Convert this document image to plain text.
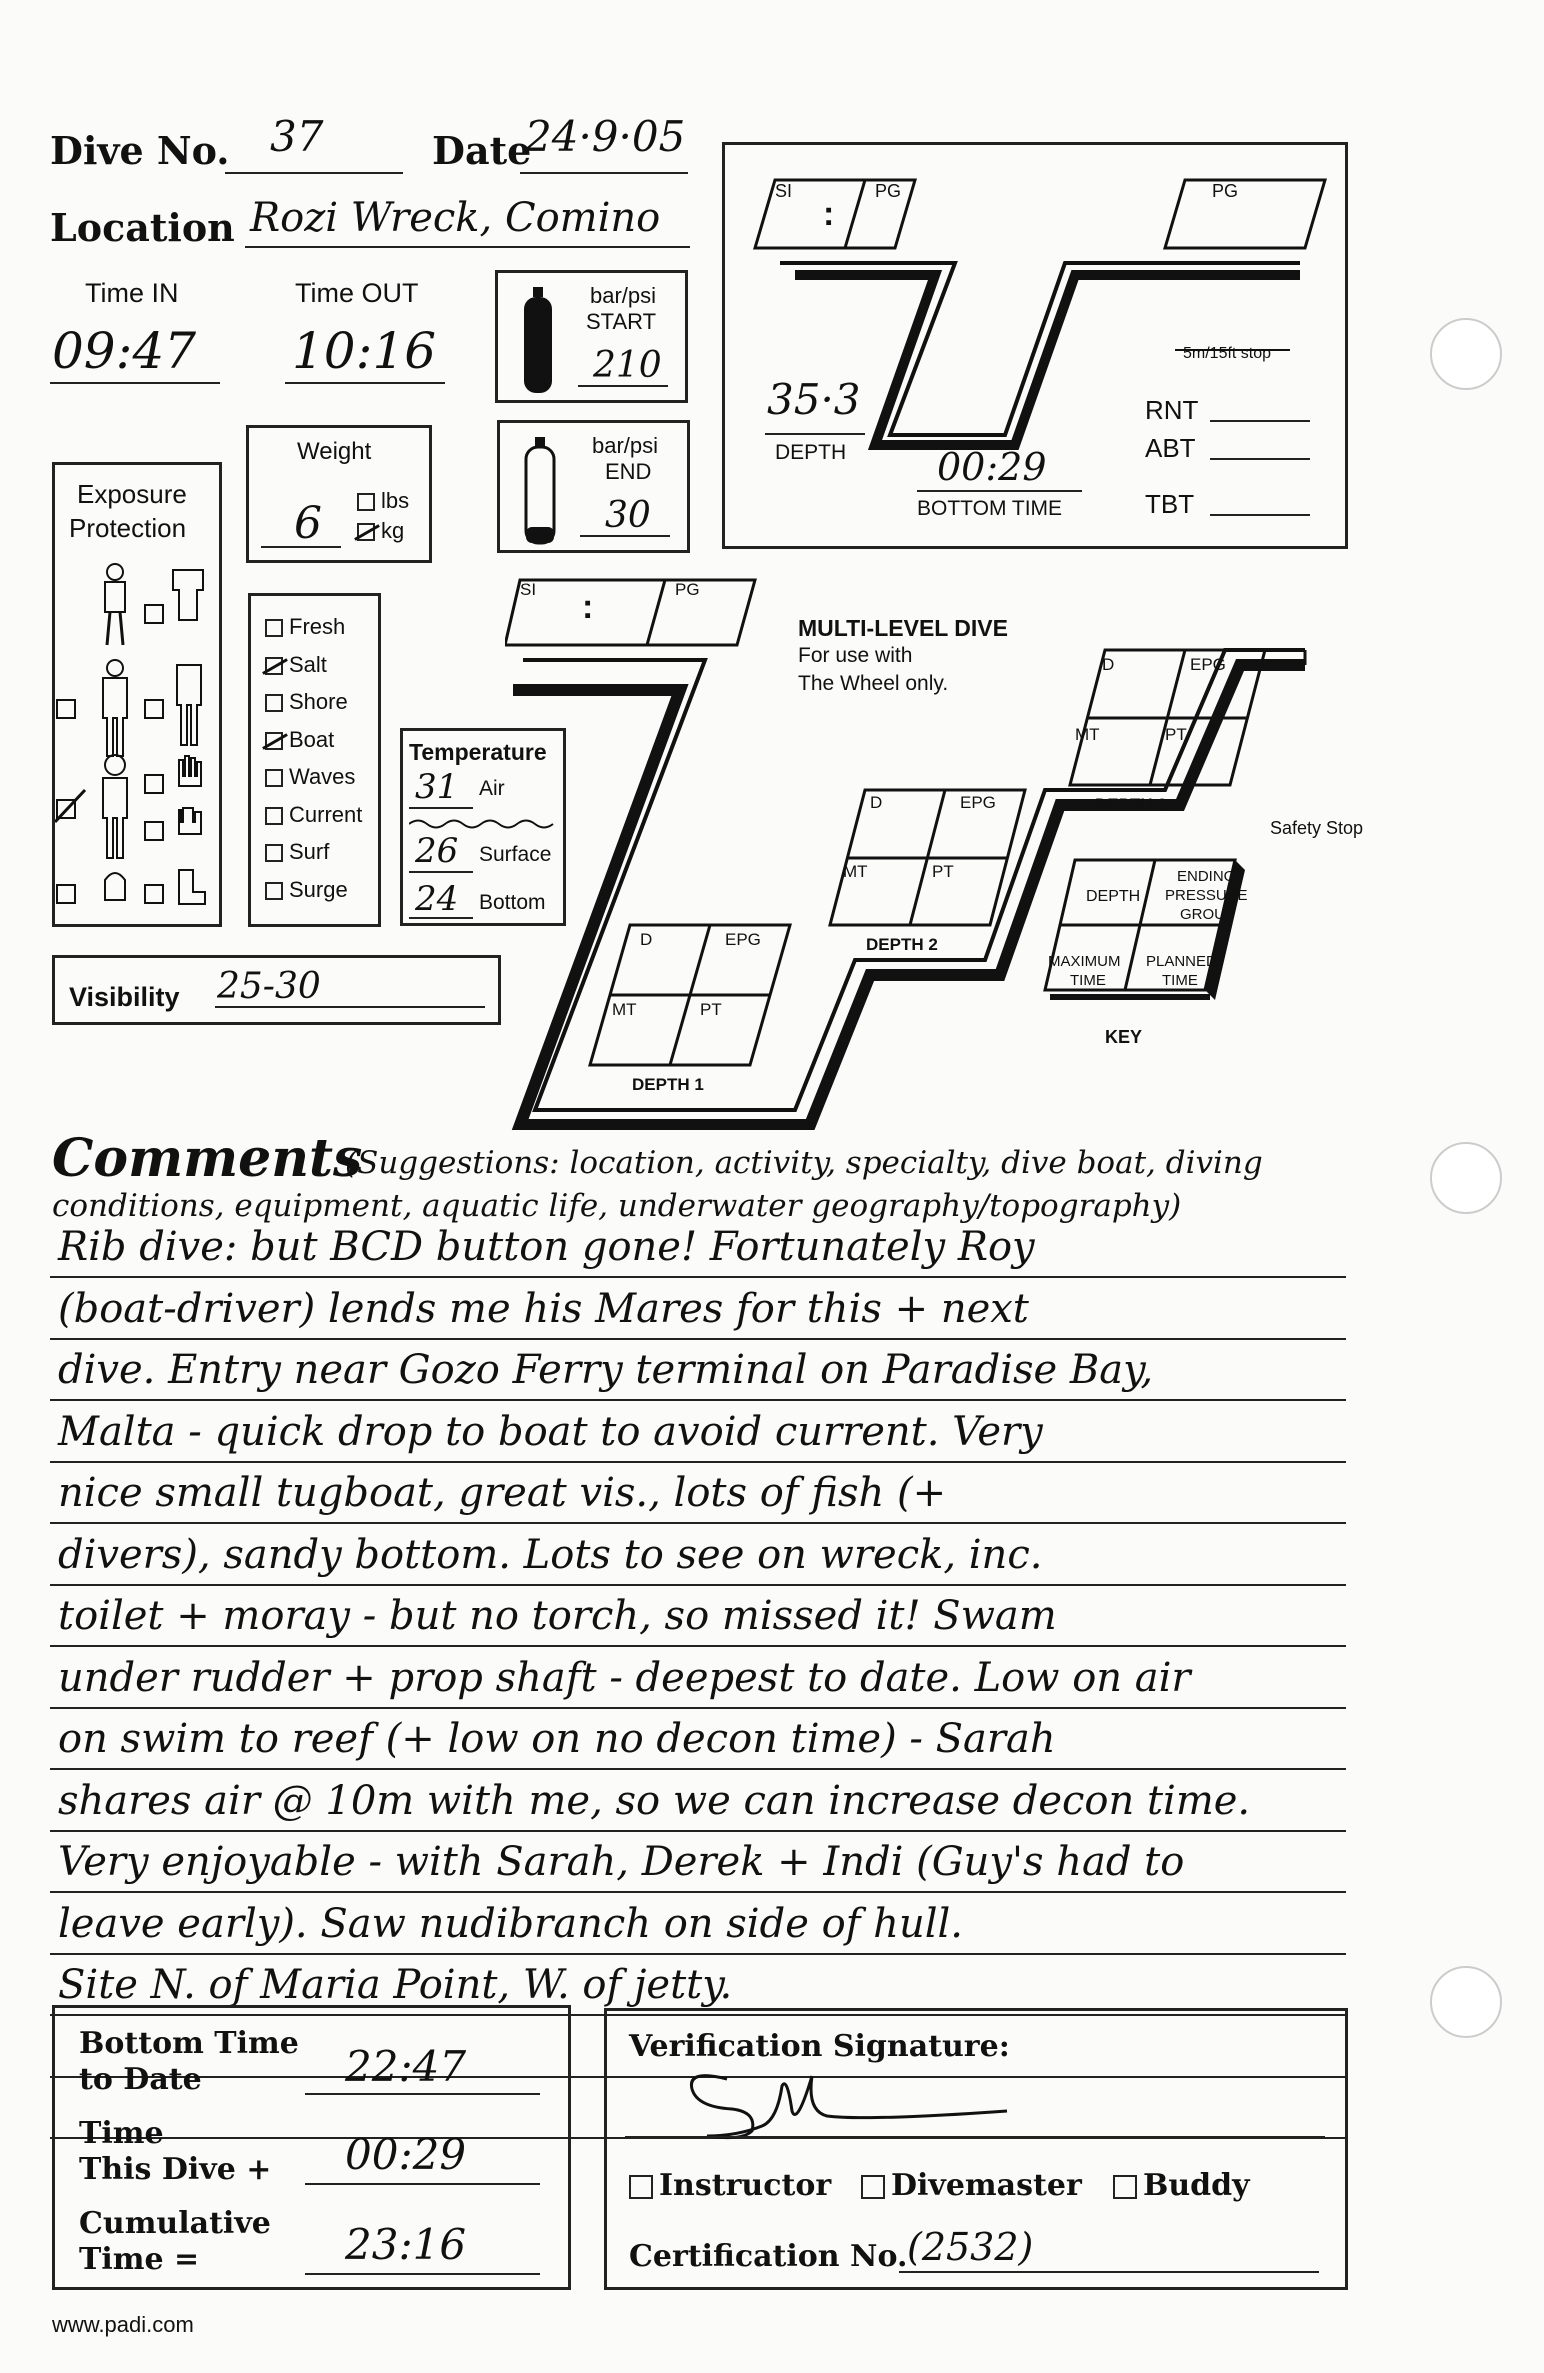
Dive No. 37	Date
24·9·05
Location Rozi Wreck, Comino
Time IN
09:47
Time OUT
10:16
bar/psi
START
210
bar/psi
END
30
Weight
6	lbs
kg
Exposure
Protection
Fresh
Salt
Shore
Boat
Waves
Current
Surf
Surge
Temperature
31 Air
26 Surface
24 Bottom
Visibility 25-30
SI
:
PG	PG
5m/15ft stop
35·3
DEPTH 00:29
BOTTOM TIME
RNT
ABT
TBT
SI :	PG
MULTI-LEVEL DIVE
For use with
The Wheel only.
D	EPG
MT	PT
DEPTH 1
D	EPG
MT	PT
DEPTH 2
D	EPG
MT	PT
DEPTH 3
Safety Stop
DEPTH
ENDING
PRESSURE
GROUP
MAXIMUM
TIME
PLANNED
TIME
KEY
Comments
(Suggestions: location, activity, specialty, dive boat, diving
conditions, equipment, aquatic life, underwater geography/topography)
Rib dive: but BCD button gone! Fortunately Roy
(boat-driver) lends me his Mares for this + next
dive. Entry near Gozo Ferry terminal on Paradise Bay,
Malta - quick drop to boat to avoid current. Very
nice small tugboat, great vis., lots of fish (+
divers), sandy bottom. Lots to see on wreck, inc.
toilet + moray - but no torch, so missed it! Swam
under rudder + prop shaft - deepest to date. Low on air
on swim to reef (+ low on no decon time) - Sarah
shares air @ 10m with me, so we can increase decon time.
Very enjoyable - with Sarah, Derek + Indi (Guy's had to
leave early). Saw nudibranch on side of hull.
Site N. of Maria Point, W. of jetty.
Bottom Time
to Date	22:47
Time
This Dive + 00:29
Cumulative
Time =	23:16
Verification Signature:
Instructor	Divemaster	Buddy
Certification No. (2532)
www.padi.com
